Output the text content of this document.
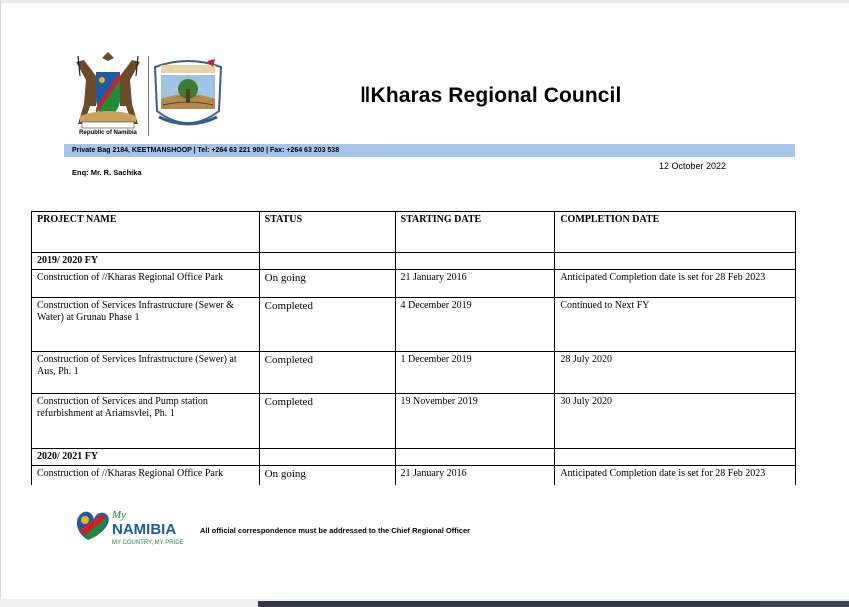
Republic of Namibia
ǁKharas Regional Council
Private Bag 2184, KEETMANSHOOP | Tel: +264 63 221 900 | Fax: +264 63 203 538
12 October 2022
Enq: Mr. R. Sachika
PROJECT NAME	STATUS	STARTING DATE	COMPLETION DATE
2019/ 2020 FY			
Construction of //Kharas Regional Office Park	On going	21 January 2016	Anticipated Completion date is set for 28 Feb 2023
Construction of Services Infrastructure (Sewer & Water) at Grunau Phase 1	Completed	4 December 2019	Continued to Next FY
Construction of Services Infrastructure (Sewer) at Aus, Ph. 1	Completed	1 December 2019	28 July 2020
Construction of Services and Pump station refurbishment at Ariamsvlei, Ph. 1	Completed	19 November 2019	30 July 2020
2020/ 2021 FY			
Construction of //Kharas Regional Office Park	On going	21 January 2016	Anticipated Completion date is set for 28 Feb 2023
My
NAMIBIA
MY COUNTRY, MY PRIDE
All official correspondence must be addressed to the Chief Regional Officer
